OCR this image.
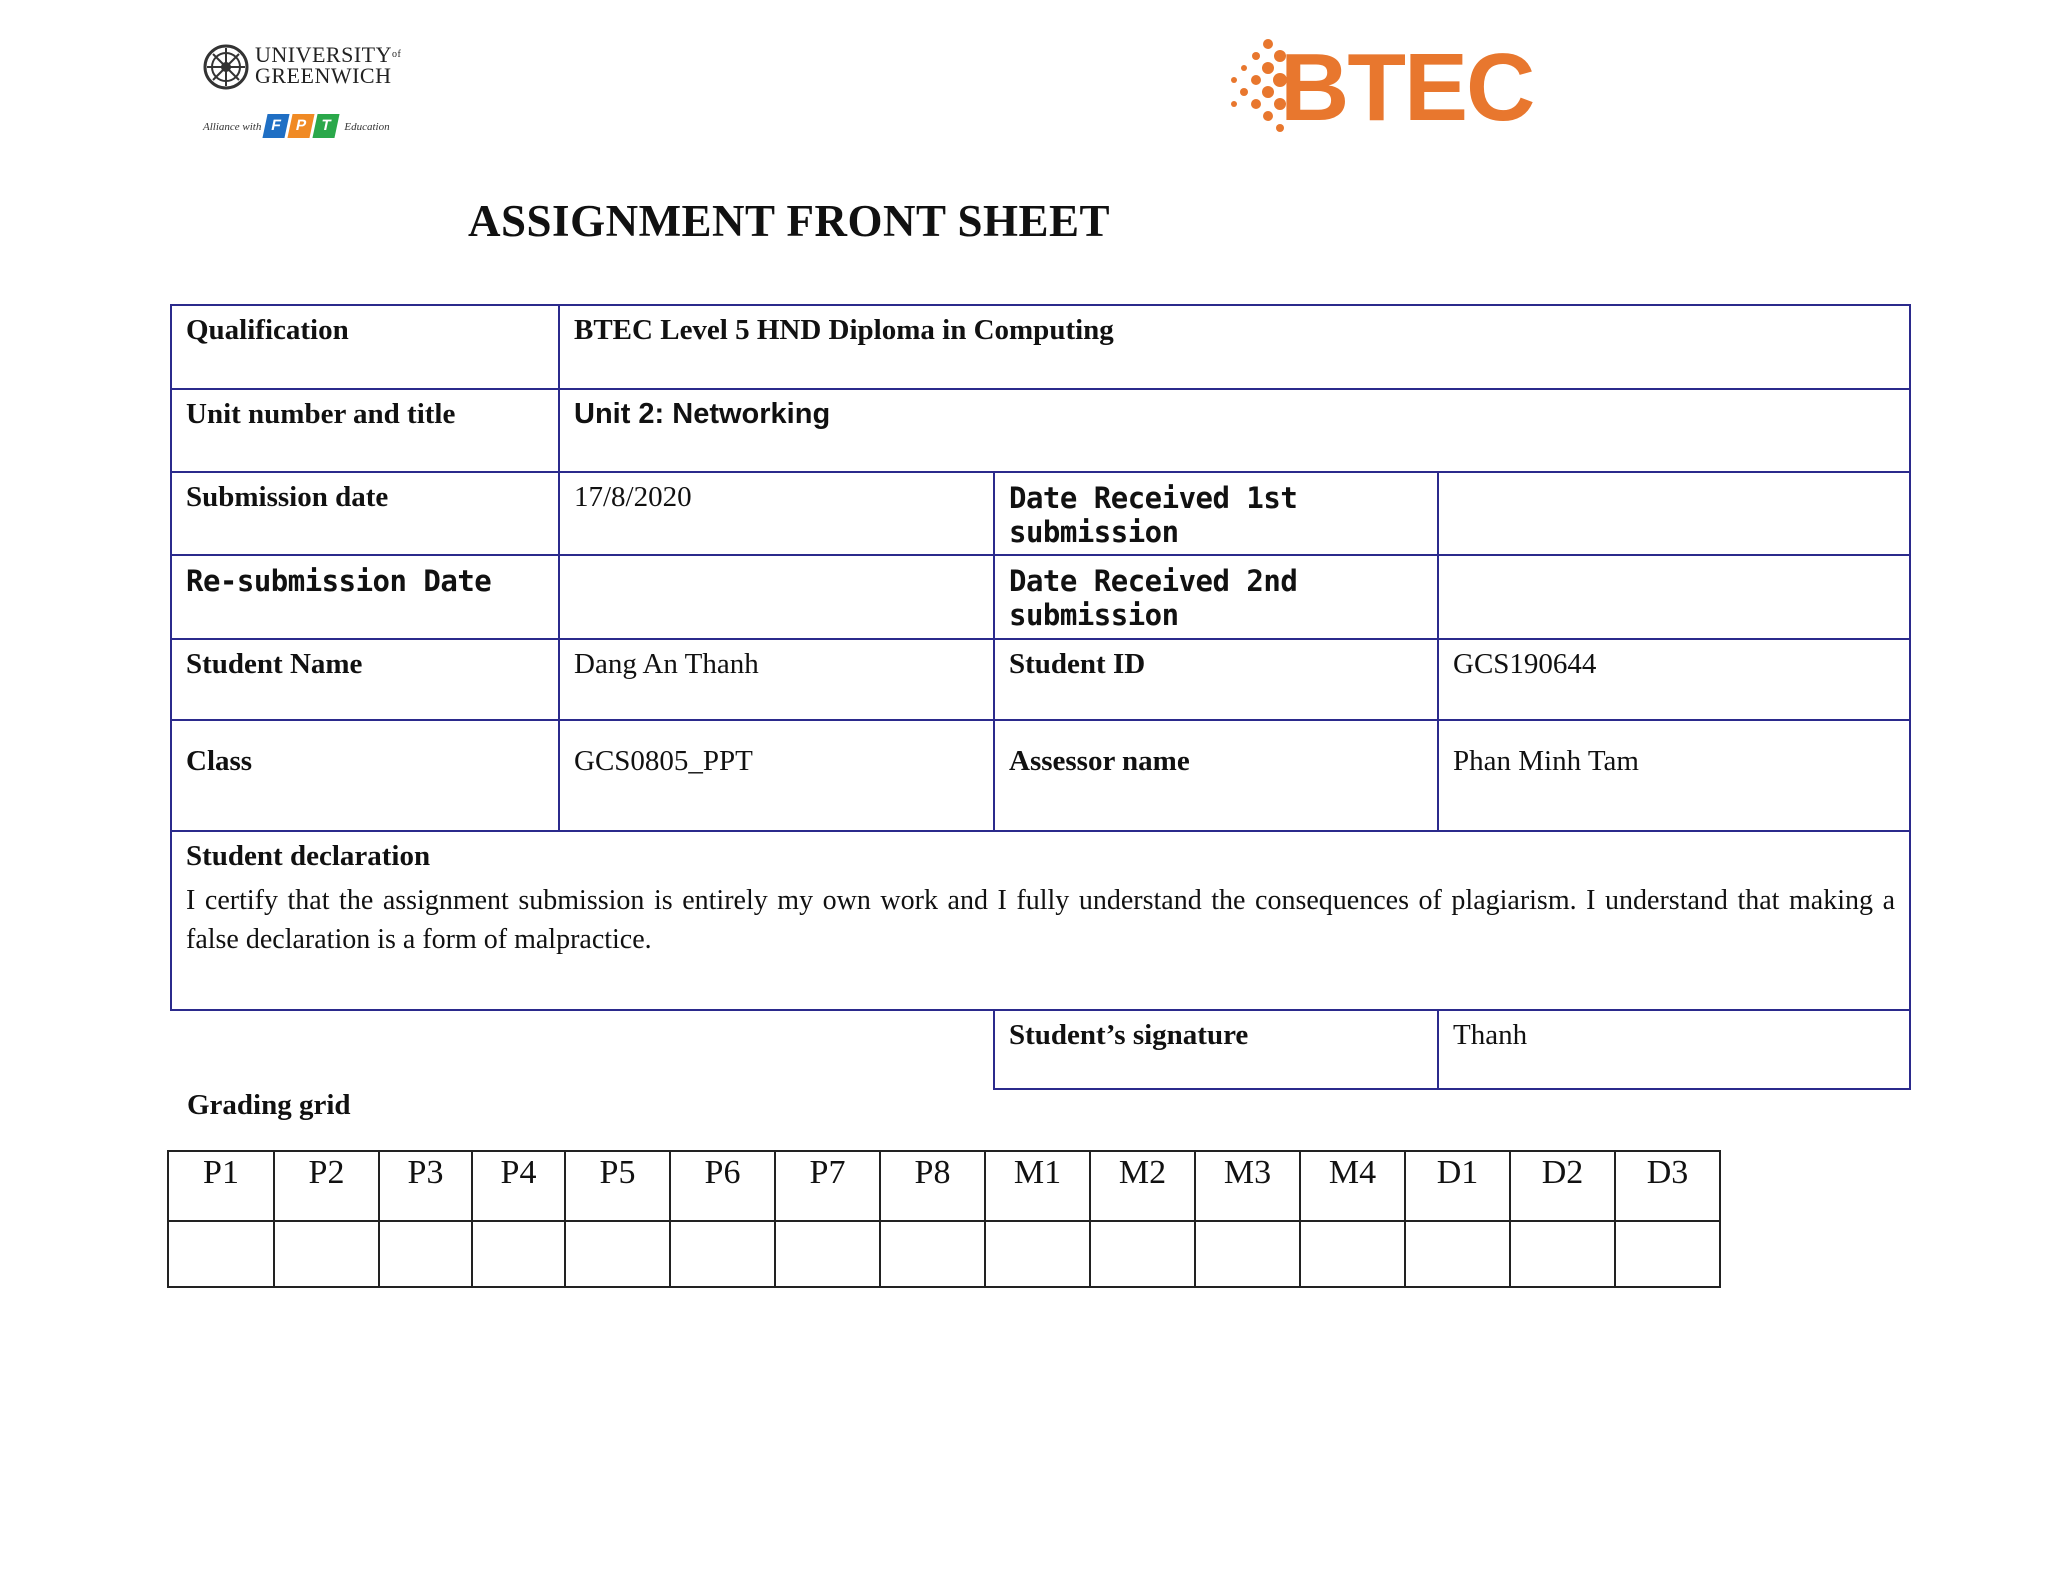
$UNIVERSITY^{of}$
GREENWICH
Alliance with F P T Education	BTEC
ASSIGNMENT FRONT SHEET
Qualification	BTEC Level 5 HND Diploma in Computing		
Unit number and title	Unit 2: Networking		
Submission date	17/8/2020	Date Received 1st submission	
Re-submission Date		Date Received 2nd submission	
Student Name	Dang An Thanh	Student ID	GCS190644
Class	GCS0805_PPT	Assessor name	Phan Minh Tam

Student declaration
I certify that the assignment submission is entirely my own work and I fully understand the consequences of plagiarism. I understand that making a false declaration is a form of malpractice.			

		Student’s signature	Thanh
Grading grid
P1	P2	P3	P4	P5	P6	P7	P8	M1	M2	M3	M4	D1	D2	D3
